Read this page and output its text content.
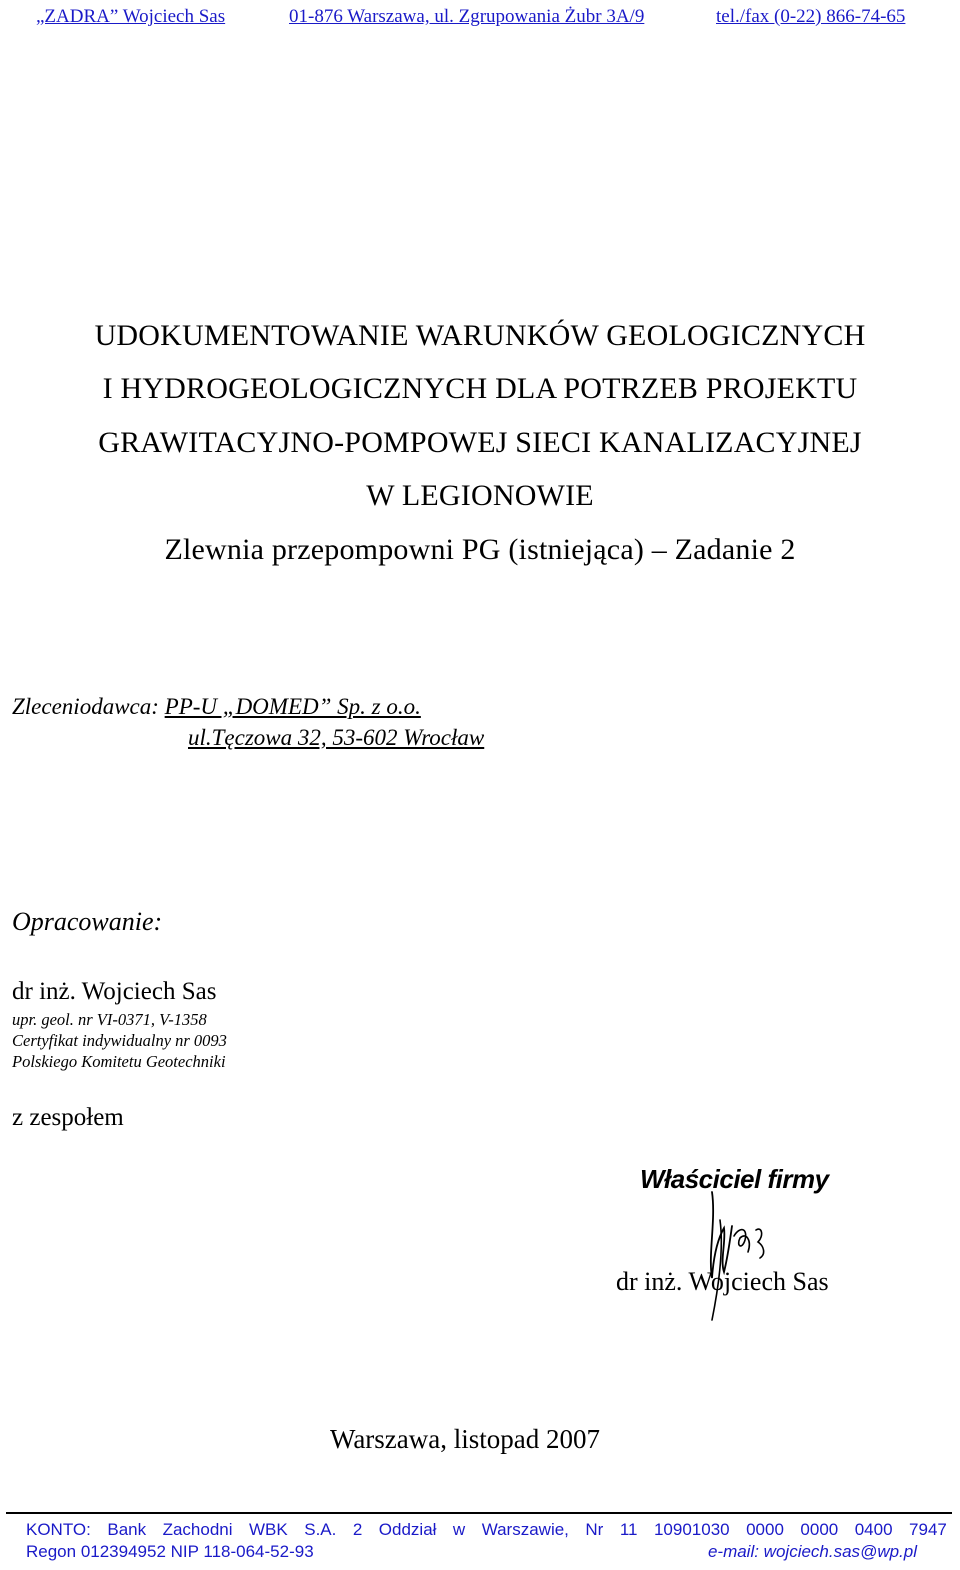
„ZADRA” Wojciech Sas	01-876 Warszawa, ul. Zgrupowania Żubr 3A/9	tel./fax (0-22) 866-74-65
UDOKUMENTOWANIE WARUNKÓW GEOLOGICZNYCH
I HYDROGEOLOGICZNYCH DLA POTRZEB PROJEKTU
GRAWITACYJNO-POMPOWEJ SIECI KANALIZACYJNEJ
W LEGIONOWIE
Zlewnia przepompowni PG (istniejąca) – Zadanie 2
Zleceniodawca: PP-U „DOMED” Sp. z o.o.
ul.Tęczowa 32, 53-602 Wrocław
Opracowanie:
dr inż. Wojciech Sas
upr. geol. nr VI-0371, V-1358
Certyfikat indywidualny nr 0093
Polskiego Komitetu Geotechniki
z zespołem
Właściciel firmy
dr inż. Wojciech Sas
Warszawa, listopad 2007
KONTO: Bank Zachodni WBK S.A. 2 Oddział w Warszawie, Nr 11 10901030 0000 0000 0400 7947
Regon 012394952 NIP 118-064-52-93	e-mail: wojciech.sas@wp.pl
